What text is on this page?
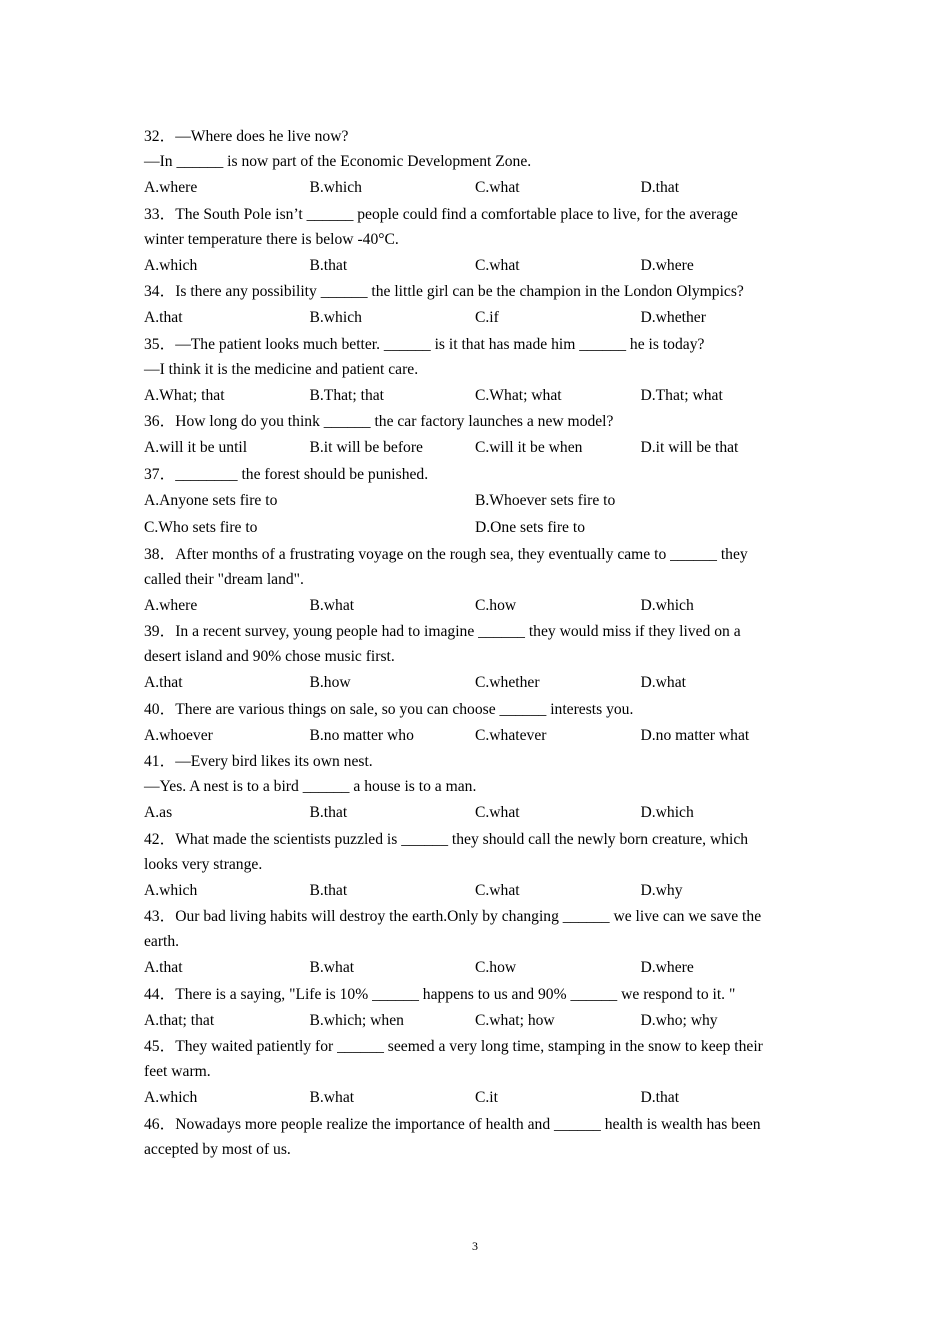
32．—Where does he live now?
—In ______ is now part of the Economic Development Zone.
A.where	B.which	C.what	D.that
33．The South Pole isn’t ______ people could find a comfortable place to live, for the average
winter temperature there is below -40°C.
A.which	B.that	C.what	D.where
34．Is there any possibility ______ the little girl can be the champion in the London Olympics?
A.that	B.which	C.if	D.whether
35．—The patient looks much better. ______ is it that has made him ______ he is today?
—I think it is the medicine and patient care.
A.What; that	B.That; that	C.What; what	D.That; what
36．How long do you think ______ the car factory launches a new model?
A.will it be until	B.it will be before	C.will it be when	D.it will be that
37．________ the forest should be punished.
A.Anyone sets fire to	B.Whoever sets fire to
C.Who sets fire to	D.One sets fire to
38．After months of a frustrating voyage on the rough sea, they eventually came to ______ they
called their "dream land".
A.where	B.what	C.how	D.which
39．In a recent survey, young people had to imagine ______ they would miss if they lived on a
desert island and 90% chose music first.
A.that	B.how	C.whether	D.what
40．There are various things on sale, so you can choose ______ interests you.
A.whoever	B.no matter who	C.whatever	D.no matter what
41．—Every bird likes its own nest.
—Yes. A nest is to a bird ______ a house is to a man.
A.as	B.that	C.what	D.which
42．What made the scientists puzzled is ______ they should call the newly born creature, which
looks very strange.
A.which	B.that	C.what	D.why
43．Our bad living habits will destroy the earth.Only by changing ______ we live can we save the
earth.
A.that	B.what	C.how	D.where
44．There is a saying, "Life is 10% ______ happens to us and 90% ______ we respond to it. "
A.that; that	B.which; when	C.what; how	D.who; why
45．They waited patiently for ______ seemed a very long time, stamping in the snow to keep their
feet warm.
A.which	B.what	C.it	D.that
46．Nowadays more people realize the importance of health and ______ health is wealth has been
accepted by most of us.
3
